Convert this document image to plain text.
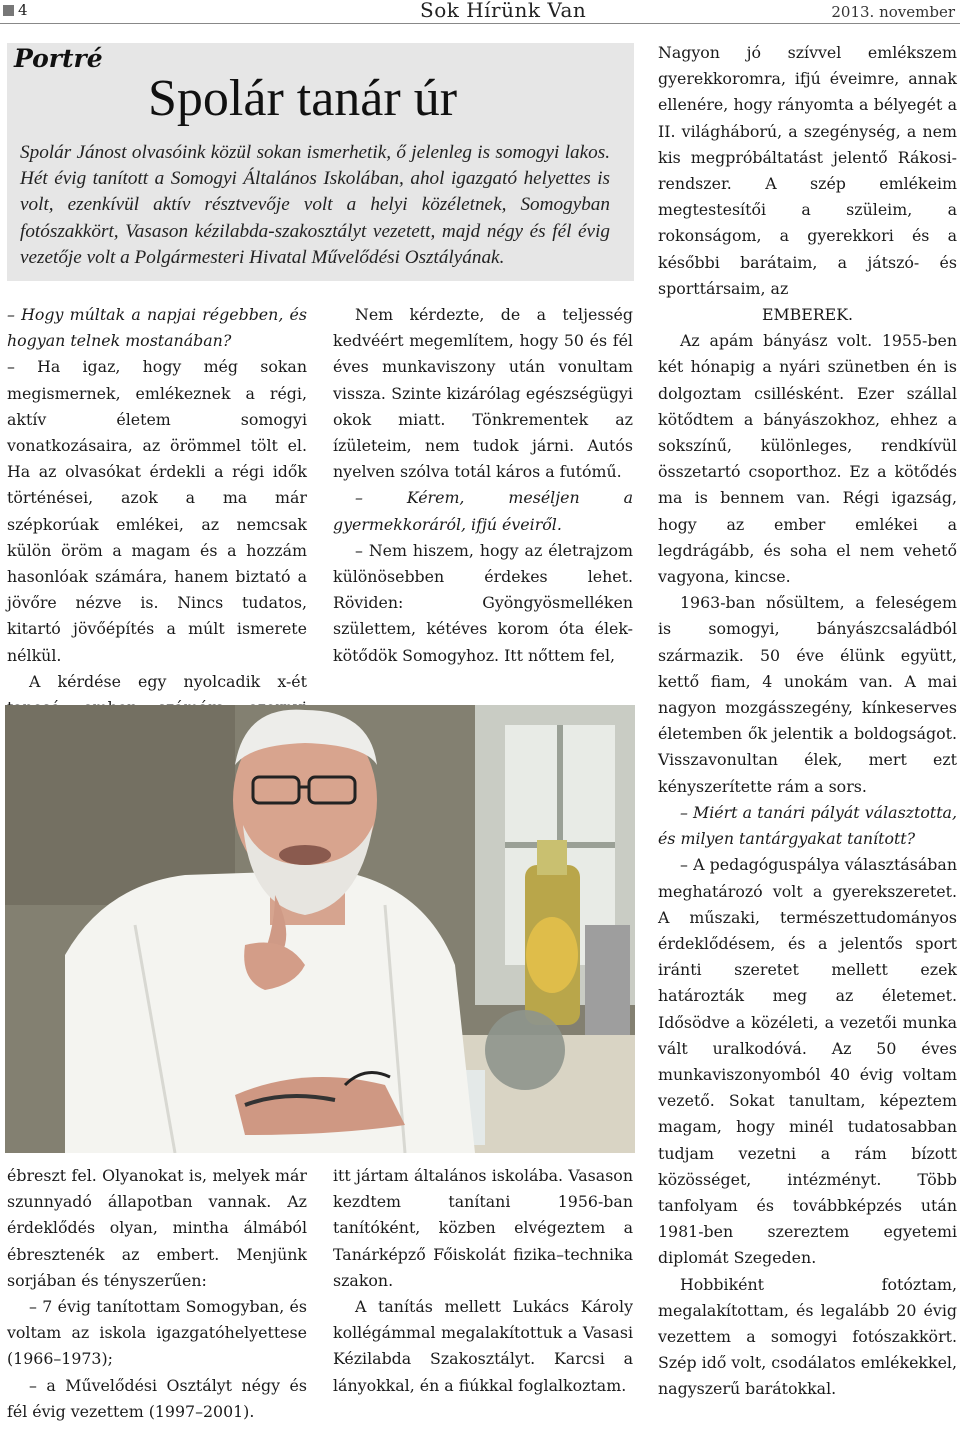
4	Sok Hírünk Van	2013. november
Portré
Spolár tanár úr

Spolár Jánost olvasóink közül sokan ismerhetik, ő jelenleg is somogyi lakos. Hét évig tanított a Somogyi Általános Iskolában, ahol igazgató helyettes is volt, ezenkívül aktív résztvevője volt a helyi közéletnek, Somogyban fotószakkört, Vasason kézilabda-szakosztályt vezetett, majd négy és fél évig vezetője volt a Polgármesteri Hivatal Művelődési Osztályának.

– Hogy múltak a napjai régebben, és hogyan telnek mostanában?

– Ha igaz, hogy még sokan megismernek, emlékeznek a régi, aktív életem somogyi vonatkozásaira, az örömmel tölt el. Ha az olvasókat érdekli a régi idők történései, azok a ma már szépkorúak emlékei, az nemcsak külön öröm a magam és a hozzám hasonlóak számára, hanem biztató a jövőre nézve is. Nincs tudatos, kitartó jövőépítés a múlt ismerete nélkül.

A kérdése egy nyolcadik x-ét

Nem kérdezte, de a teljesség kedvéért megemlítem, hogy 50 és fél éves munkaviszony után vonultam vissza. Szinte kizárólag egészségügyi okok miatt. Tönkrementek az ízületeim, nem tudok járni. Autós nyelven szólva totál káros a futómű.

– Kérem, meséljen a gyermekkoráról, ifjú éveiről.

– Nem hiszem, hogy az életrajzom különösebben érdekes lehet. Röviden: Gyöngyösmelléken születtem, kétéves korom óta élek-kötődök Somogyhoz. Itt nőttem fel,

ébreszt fel. Olyanokat is, melyek már szunnyadó állapotban vannak. Az érdeklődés olyan, mintha álmából ébresztenék az embert. Menjünk sorjában és tényszerűen:

– 7 évig tanítottam Somogyban, és voltam az iskola igazgatóhelyettese (1966–1973);

– a Művelődési Osztályt négy és fél évig vezettem (1997–2001).

itt jártam általános iskolába. Vasason kezdtem tanítani 1956-ban tanítóként, közben elvégeztem a Tanárképző Főiskolát fizika–technika szakon.

A tanítás mellett Lukács Károly kollégámmal megalakítottuk a Vasasi Kézilabda Szakosztályt. Karcsi a lányokkal, én a fiúkkal foglalkoztam.

Nagyon jó szívvel emlékszem gyerekkoromra, ifjú éveimre, annak ellenére, hogy rányomta a bélyegét a II. világháború, a szegénység, a nem kis megpróbáltatást jelentő Rákosi-rendszer. A szép emlékeim megtestesítői a szüleim, a rokonságom, a gyerekkori és a későbbi barátaim, a játszó- és sporttársaim, az

EMBEREK.

Az apám bányász volt. 1955-ben két hónapig a nyári szünetben én is dolgoztam csillésként. Ezer szállal kötődtem a bányászokhoz, ehhez a sokszínű, különleges, rendkívül összetartó csoporthoz. Ez a kötődés ma is bennem van. Régi igazság, hogy az ember emlékei a legdrágább, és soha el nem vehető vagyona, kincse.

1963-ban nősültem, a feleségem is somogyi, bányászcsaládból származik. 50 éve élünk együtt, kettő fiam, 4 unokám van. A mai nagyon mozgásszegény, kínkeserves életemben ők jelentik a boldogságot. Visszavonultan élek, mert ezt kényszerítette rám a sors.

– Miért a tanári pályát választotta, és milyen tantárgyakat tanított?

– A pedagóguspálya választásában meghatározó volt a gyerekszeretet. A műszaki, természettudományos érdeklődésem, és a jelentős sport iránti szeretet mellett ezek határozták meg az életemet. Idősödve a közéleti, a vezetői munka vált uralkodóvá. Az 50 éves munkaviszonyomból 40 évig voltam vezető. Sokat tanultam, képeztem magam, hogy minél tudatosabban tudjam vezetni a rám bízott közösséget, intézményt. Több tanfolyam és továbbképzés után 1981-ben szereztem egyetemi diplomát Szegeden.

Hobbiként fotóztam, megalakítottam, és legalább 20 évig vezettem a somogyi fotószakkört. Szép idő volt, csodálatos emlékekkel, nagyszerű barátokkal.
